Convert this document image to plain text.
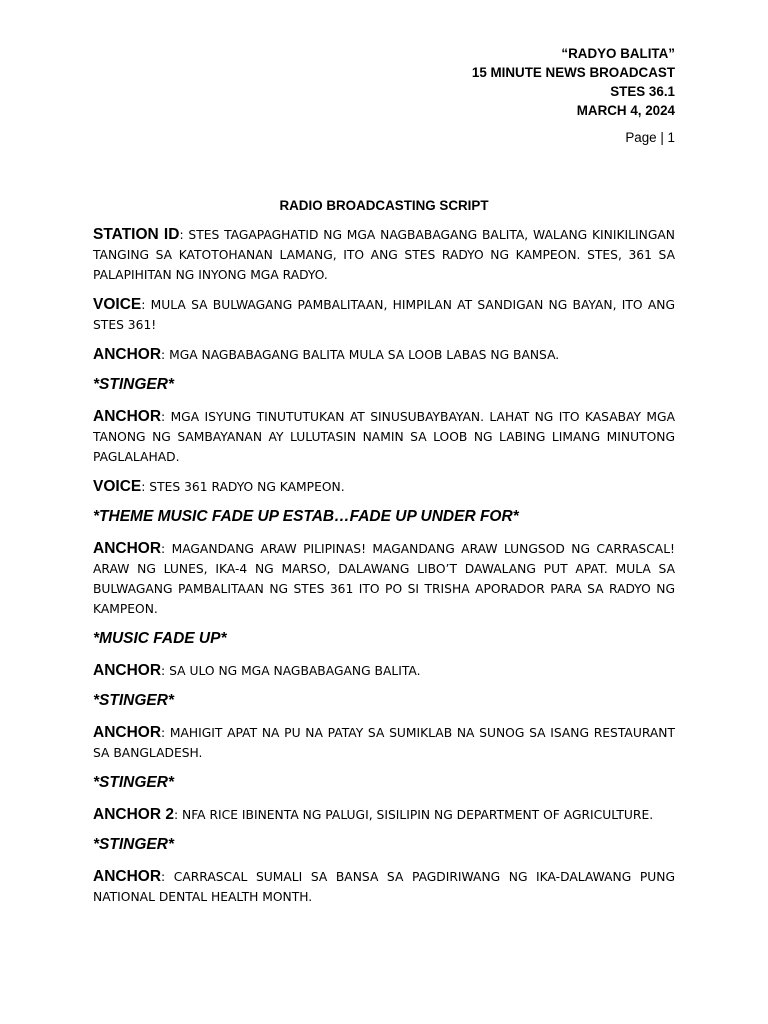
“RADYO BALITA”
15 MINUTE NEWS BROADCAST
STES 36.1
MARCH 4, 2024
Page | 1
RADIO BROADCASTING SCRIPT

STATION ID: STES TAGAPAGHATID NG MGA NAGBABAGANG BALITA, WALANG KINIKILINGAN TANGING SA KATOTOHANAN LAMANG, ITO ANG STES RADYO NG KAMPEON. STES, 361 SA PALAPIHITAN NG INYONG MGA RADYO.

VOICE: MULA SA BULWAGANG PAMBALITAAN, HIMPILAN AT SANDIGAN NG BAYAN, ITO ANG STES 361!

ANCHOR: MGA NAGBABAGANG BALITA MULA SA LOOB LABAS NG BANSA.

*STINGER*

ANCHOR: MGA ISYUNG TINUTUTUKAN AT SINUSUBAYBAYAN. LAHAT NG ITO KASABAY MGA TANONG NG SAMBAYANAN AY LULUTASIN NAMIN SA LOOB NG LABING LIMANG MINUTONG PAGLALAHAD.

VOICE: STES 361 RADYO NG KAMPEON.

*THEME MUSIC FADE UP ESTAB…FADE UP UNDER FOR*

ANCHOR: MAGANDANG ARAW PILIPINAS! MAGANDANG ARAW LUNGSOD NG CARRASCAL! ARAW NG LUNES, IKA-4 NG MARSO, DALAWANG LIBO’T DAWALANG PUT APAT. MULA SA BULWAGANG PAMBALITAAN NG STES 361 ITO PO SI TRISHA APORADOR PARA SA RADYO NG KAMPEON.

*MUSIC FADE UP*

ANCHOR: SA ULO NG MGA NAGBABAGANG BALITA.

*STINGER*

ANCHOR: MAHIGIT APAT NA PU NA PATAY SA SUMIKLAB NA SUNOG SA ISANG RESTAURANT SA BANGLADESH.

*STINGER*

ANCHOR 2: NFA RICE IBINENTA NG PALUGI, SISILIPIN NG DEPARTMENT OF AGRICULTURE.

*STINGER*

ANCHOR: CARRASCAL SUMALI SA BANSA SA PAGDIRIWANG NG IKA-DALAWANG PUNG NATIONAL DENTAL HEALTH MONTH.
